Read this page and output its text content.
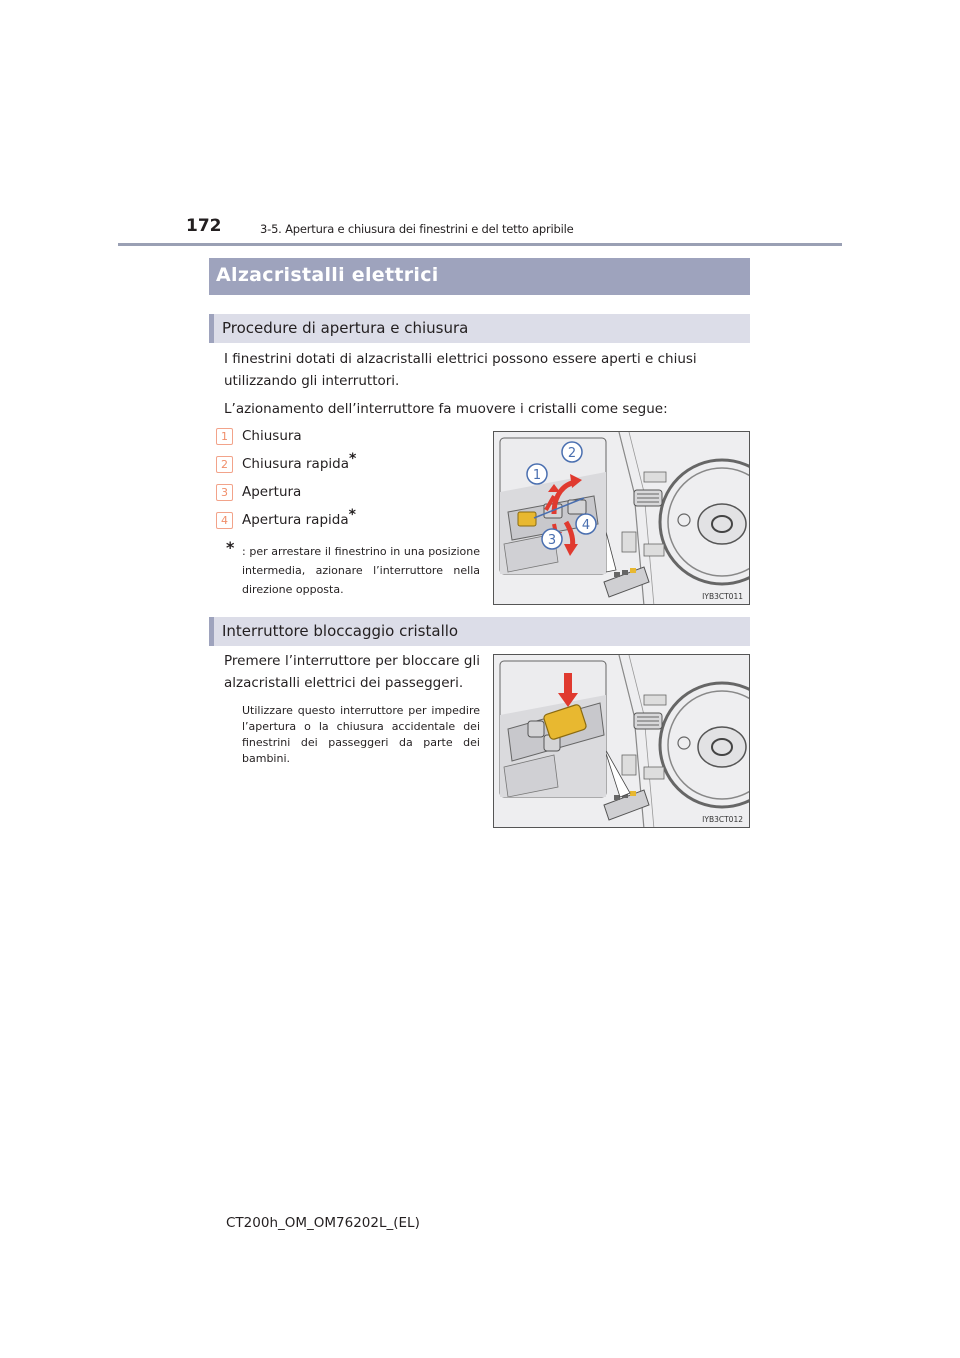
172	3-5. Apertura e chiusura dei finestrini e del tetto apribile
Alzacristalli elettrici
Procedure di apertura e chiusura
I finestrini dotati di alzacristalli elettrici possono essere aperti e chiusi utilizzando gli interruttori.
L’azionamento dell’interruttore fa muovere i cristalli come segue:
1	Chiusura
2	Chiusura rapida*
3	Apertura
4	Apertura rapida*
* : per arrestare il finestrino in una posizione intermedia, azionare l’interruttore nella direzione opposta.
2
1
3
4
IYB3CT011
Interruttore bloccaggio cristallo
Premere l’interruttore per bloccare gli alzacristalli elettrici dei passeggeri.
Utilizzare questo interruttore per impedire l’apertura o la chiusura accidentale dei finestrini dei passeggeri da parte dei bambini.
IYB3CT012
CT200h_OM_OM76202L_(EL)
